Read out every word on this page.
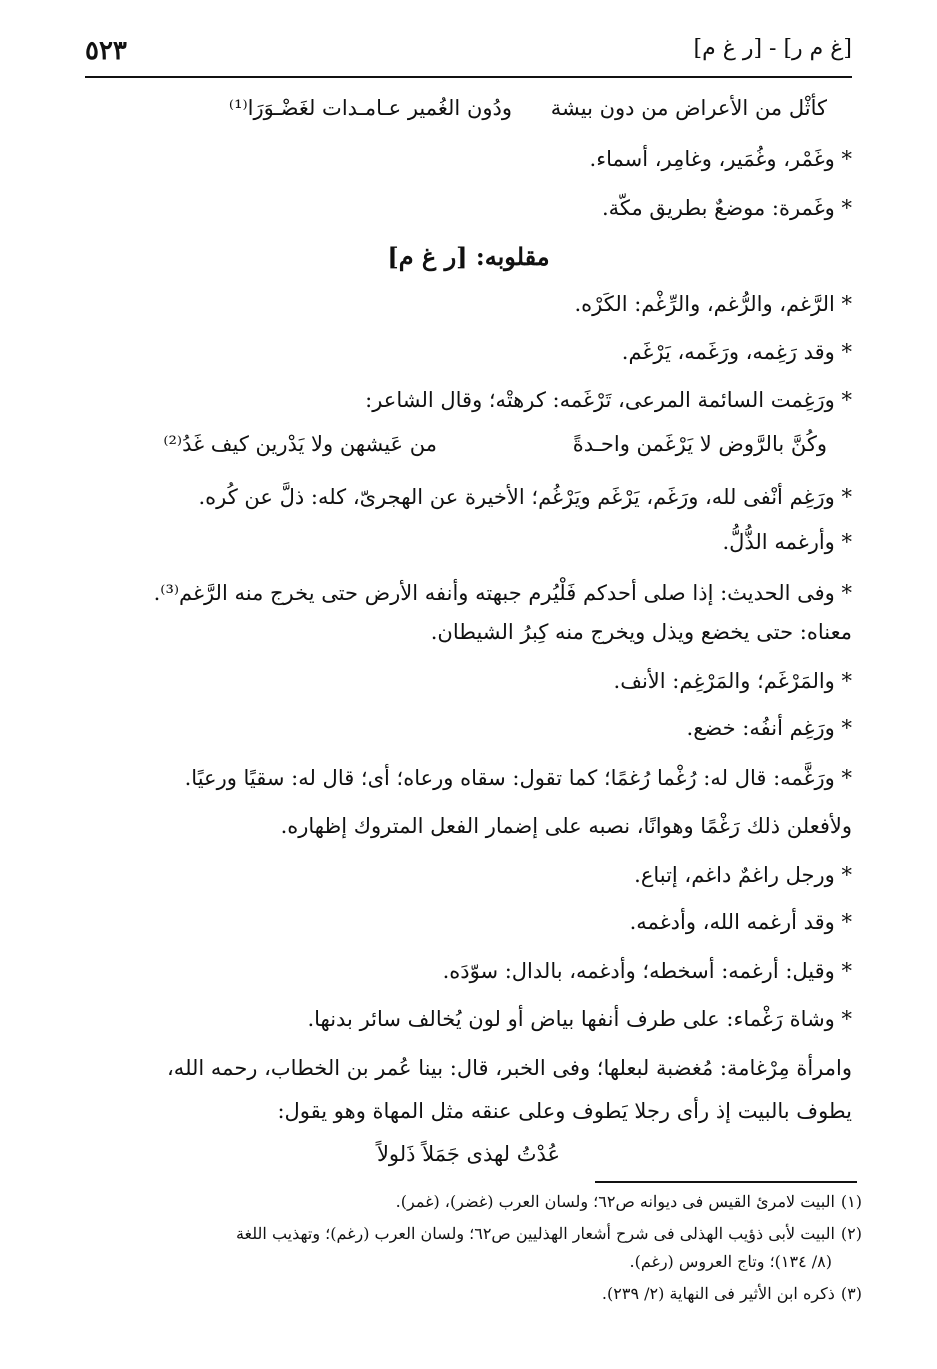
٥٢٣	[غ م ر] - [ر غ م]
كأثْل من الأعراض من دون بيشة
ودُون الغُمير عـامـدات لغَضْـوَرَا⁽¹⁾
* وغَمْر، وغُمَير، وغامِر، أسماء.
* وغَمرة: موضعٌ بطريق مكّة.
مقلوبه: [ر غ م]
* الرَّغم، والرُّغم، والرِّغْم: الكَرْه.
* وقد رَغِمه، ورَغَمه، يَرْغَم.
* ورَغِمت السائمة المرعى، تَرْغَمه: كرهتْه؛ وقال الشاعر:
وكُنَّ بالرَّوض لا يَرْغَمن واحـدةً
من عَيشهن ولا يَدْرين كيف غَدُ⁽²⁾
* ورَغِم أنْفى لله، ورَغَم، يَرْغَم ويَرْغُم؛ الأخيرة عن الهجرىّ، كله: ذلَّ عن كُره.
* وأرغمه الذُّلُّ.
* وفى الحديث: إذا صلى أحدكم فَلْيُرم جبهته وأنفه الأرض حتى يخرج منه الرَّغم⁽³⁾.
معناه: حتى يخضع ويذل ويخرج منه كِبرُ الشيطان.
* والمَرْغَم؛ والمَرْغِم: الأنف.
* ورَغِم أنفُه: خضع.
* ورَغَّمه: قال له: رُغْما رُغمًا؛ كما تقول: سقاه ورعاه؛ أى؛ قال له: سقيًا ورعيًا.
ولأفعلن ذلك رَغْمًا وهوانًا، نصبه على إضمار الفعل المتروك إظهاره.
* ورجل راغمٌ داغم، إتباع.
* وقد أرغمه الله، وأدغمه.
* وقيل: أرغمه: أسخطه؛ وأدغمه، بالدال: سوّدَه.
* وشاة رَغْماء: على طرف أنفها بياض أو لون يُخالف سائر بدنها.
وامرأة مِرْغامة: مُغضبة لبعلها؛ وفى الخبر، قال: بينا عُمر بن الخطاب، رحمه الله،
يطوف بالبيت إذ رأى رجلا يَطوف وعلى عنقه مثل المهاة وهو يقول:
عُدْتُ لهذى جَمَلاً ذَلولاً
(١)البيت لامرئ القيس فى ديوانه ص٦٢؛ ولسان العرب (غضر)، (غمر).
(٢)البيت لأبى ذؤيب الهذلى فى شرح أشعار الهذليين ص٦٢؛ ولسان العرب (رغم)؛ وتهذيب اللغة
(٨/ ١٣٤)؛ وتاج العروس (رغم).
(٣)ذكره ابن الأثير فى النهاية (٢/ ٢٣٩).
